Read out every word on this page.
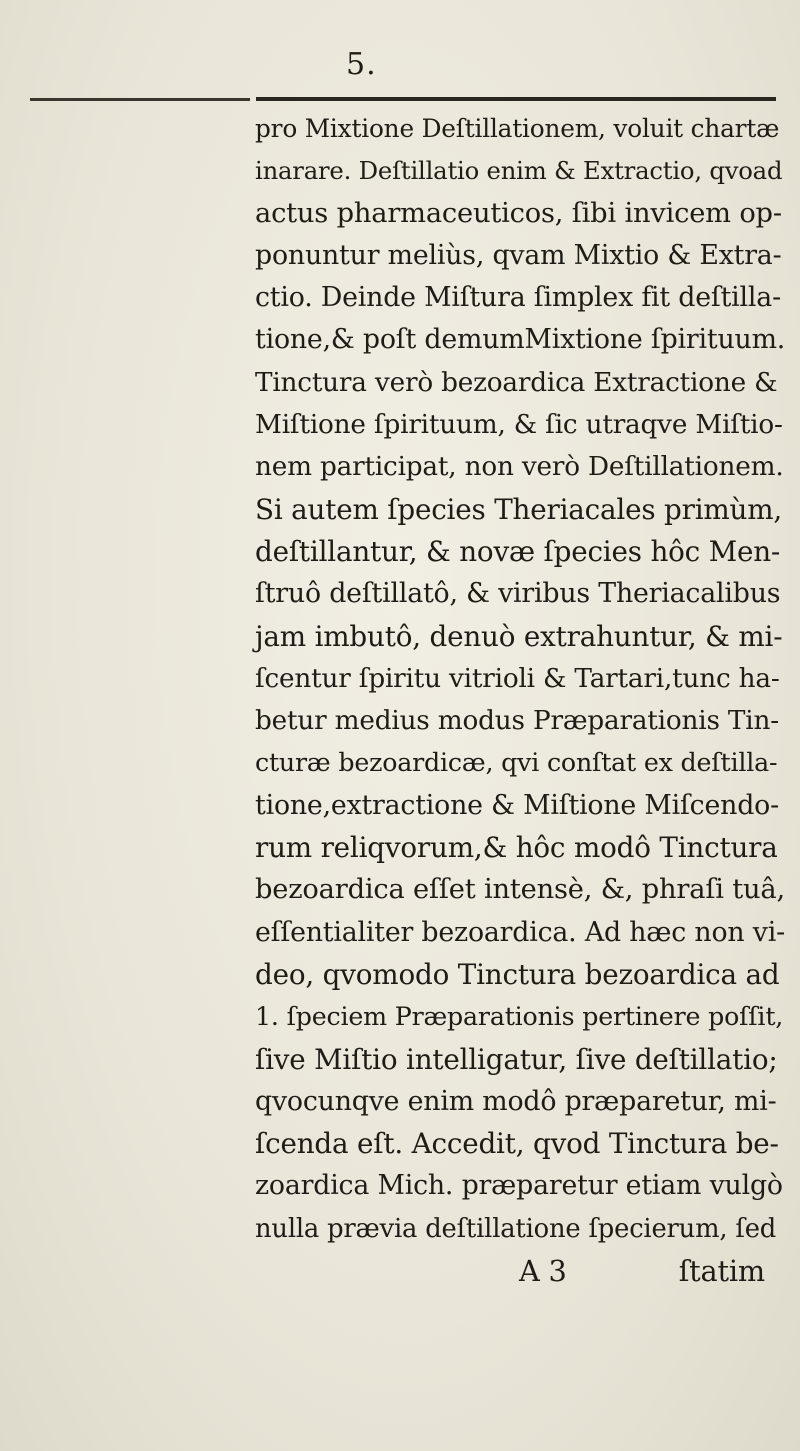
5.
pro Mixtione Deſtillationem, voluit chartæ
inarare. Deſtillatio enim & Extractio, qvoad
actus pharmaceuticos, ſibi invicem op-
ponuntur meliùs, qvam Mixtio & Extra-
ctio. Deinde Miſtura ſimplex fit deſtilla-
tione,& poſt demumMixtione ſpirituum.
Tinctura verò bezoardica Extractione &
Miſtione ſpirituum, & ſic utraqve Miſtio-
nem participat, non verò Deſtillationem.
Si autem ſpecies Theriacales primùm,
deſtillantur, & novæ ſpecies hôc Men-
ſtruô deſtillatô, & viribus Theriacalibus
jam imbutô, denuò extrahuntur, & mi-
ſcentur ſpiritu vitrioli & Tartari,tunc ha-
betur medius modus Præparationis Tin-
cturæ bezoardicæ, qvi conſtat ex deſtilla-
tione,extractione & Miſtione Miſcendo-
rum reliqvorum,& hôc modô Tinctura
bezoardica eſſet intensè, &, phraſi tuâ,
eſſentialiter bezoardica. Ad hæc non vi-
deo, qvomodo Tinctura bezoardica ad
1. ſpeciem Præparationis pertinere poſſit,
ſive Miſtio intelligatur, ſive deſtillatio;
qvocunqve enim modô præparetur, mi-
ſcenda eſt. Accedit, qvod Tinctura be-
zoardica Mich. præparetur etiam vulgò
nulla prævia deſtillatione ſpecierum, ſed
A 3	ſtatim
